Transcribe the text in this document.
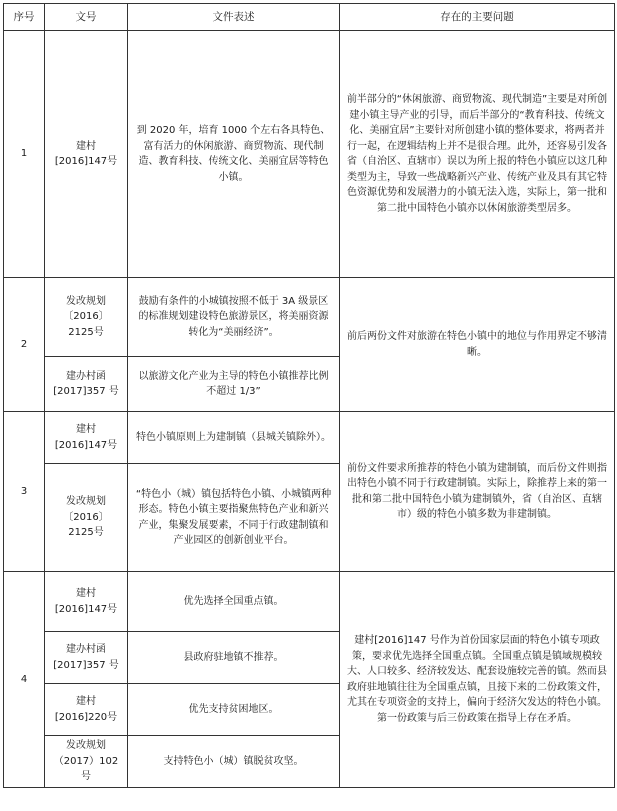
序号	文号	文件表述	存在的主要问题
1	建村[2016]147号	到 2020 年，培育 1000 个左右各具特色、富有活力的休闲旅游、商贸物流、现代制造、教育科技、传统文化、美丽宜居等特色小镇。	前半部分的“休闲旅游、商贸物流、现代制造”主要是对所创建小镇主导产业的引导，而后半部分的“教育科技、传统文化、美丽宜居”主要针对所创建小镇的整体要求，将两者并行一起，在逻辑结构上并不是很合理。此外，还容易引发各省（自治区、直辖市）误以为所上报的特色小镇应以这几种类型为主，导致一些战略新兴产业、传统产业及具有其它特色资源优势和发展潜力的小镇无法入选，实际上，第一批和第二批中国特色小镇亦以休闲旅游类型居多。
2	发改规划〔2016〕2125号	鼓励有条件的小城镇按照不低于 3A 级景区的标准规划建设特色旅游景区，将美丽资源转化为“美丽经济”。	前后两份文件对旅游在特色小镇中的地位与作用界定不够清晰。
	建办村函[2017]357 号	以旅游文化产业为主导的特色小镇推荐比例不超过 1/3”	
3	建村[2016]147号	特色小镇原则上为建制镇（县城关镇除外）。	前份文件要求所推荐的特色小镇为建制镇，而后份文件则指出特色小镇不同于行政建制镇。实际上，除推荐上来的第一批和第二批中国特色小镇为建制镇外，省（自治区、直辖市）级的特色小镇多数为非建制镇。
	发改规划〔2016〕2125号	“特色小（城）镇包括特色小镇、小城镇两种形态。特色小镇主要指聚焦特色产业和新兴产业，集聚发展要素，不同于行政建制镇和产业园区的创新创业平台。	
4	建村[2016]147号	优先选择全国重点镇。	建村[2016]147 号作为首份国家层面的特色小镇专项政策，要求优先选择全国重点镇。全国重点镇是镇域规模较大、人口较多、经济较发达、配套设施较完善的镇。然而县政府驻地镇往往为全国重点镇，且接下来的二份政策文件，尤其在专项资金的支持上，偏向于经济欠发达的特色小镇。第一份政策与后三份政策在指导上存在矛盾。
	建办村函[2017]357 号	县政府驻地镇不推荐。	
	建村[2016]220号	优先支持贫困地区。	
	发改规划（2017）102 号	支持特色小（城）镇脱贫攻坚。	
